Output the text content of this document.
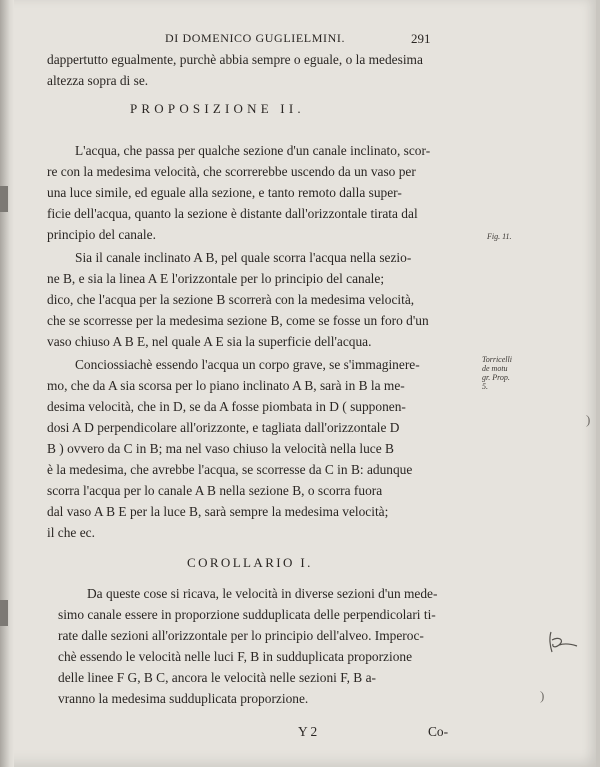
DI DOMENICO GUGLIELMINI.	291
dappertutto egualmente, purchè abbia sempre o eguale, o la medesima
altezza sopra di se.
PROPOSIZIONE II.
L'acqua, che passa per qualche sezione d'un canale inclinato, scor-
re con la medesima velocità, che scorrerebbe uscendo da un vaso per
una luce simile, ed eguale alla sezione, e tanto remoto dalla super-
ficie dell'acqua, quanto la sezione è distante dall'orizzontale tirata dal
principio del canale.
Sia il canale inclinato A B, pel quale scorra l'acqua nella sezio-
ne B, e sia la linea A E l'orizzontale per lo principio del canale;
dico, che l'acqua per la sezione B scorrerà con la medesima velocità,
che se scorresse per la medesima sezione B, come se fosse un foro d'un
vaso chiuso A B E, nel quale A E sia la superficie dell'acqua.
Conciossiachè essendo l'acqua un corpo grave, se s'immaginere-
mo, che da A sia scorsa per lo piano inclinato A B, sarà in B la me-
desima velocità, che in D, se da A fosse piombata in D ( supponen-
dosi A D perpendicolare all'orizzonte, e tagliata dall'orizzontale D
B ) ovvero da C in B; ma nel vaso chiuso la velocità nella luce B
è la medesima, che avrebbe l'acqua, se scorresse da C in B: adunque
scorra l'acqua per lo canale A B nella sezione B, o scorra fuora
dal vaso A B E per la luce B, sarà sempre la medesima velocità;
il che ec.
COROLLARIO I.
Da queste cose si ricava, le velocità in diverse sezioni d'un mede-
simo canale essere in proporzione sudduplicata delle perpendicolari ti-
rate dalle sezioni all'orizzontale per lo principio dell'alveo. Imperoc-
chè essendo le velocità nelle luci F, B in sudduplicata proporzione
delle linee F G, B C, ancora le velocità nelle sezioni F, B a-
vranno la medesima sudduplicata proporzione.
Fig. 11.
Torricelli
de motu
gr. Prop.
5.
Y 2	Co-
)
)
